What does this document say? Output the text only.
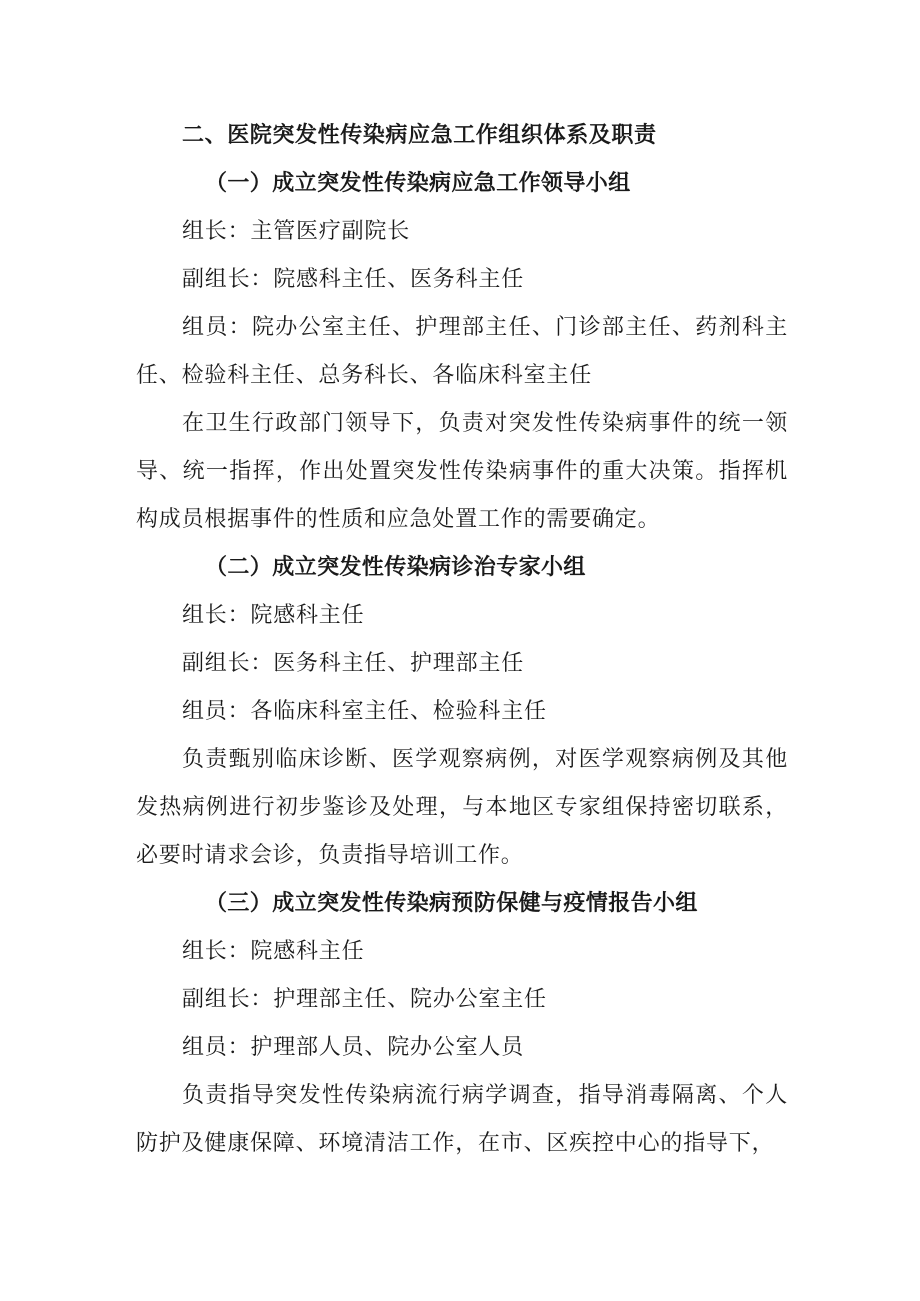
二、医院突发性传染病应急工作组织体系及职责
（一）成立突发性传染病应急工作领导小组
组长：主管医疗副院长
副组长：院感科主任、医务科主任

组员：院办公室主任、护理部主任、门诊部主任、药剂科主任、检验科主任、总务科长、各临床科室主任

在卫生行政部门领导下，负责对突发性传染病事件的统一领导、统一指挥，作出处置突发性传染病事件的重大决策。指挥机构成员根据事件的性质和应急处置工作的需要确定。

（二）成立突发性传染病诊治专家小组
组长：院感科主任
副组长：医务科主任、护理部主任
组员：各临床科室主任、检验科主任

负责甄别临床诊断、医学观察病例，对医学观察病例及其他发热病例进行初步鉴诊及处理，与本地区专家组保持密切联系，必要时请求会诊，负责指导培训工作。

（三）成立突发性传染病预防保健与疫情报告小组
组长：院感科主任
副组长：护理部主任、院办公室主任
组员：护理部人员、院办公室人员

负责指导突发性传染病流行病学调查，指导消毒隔离、个人防护及健康保障、环境清洁工作，在市、区疾控中心的指导下，
